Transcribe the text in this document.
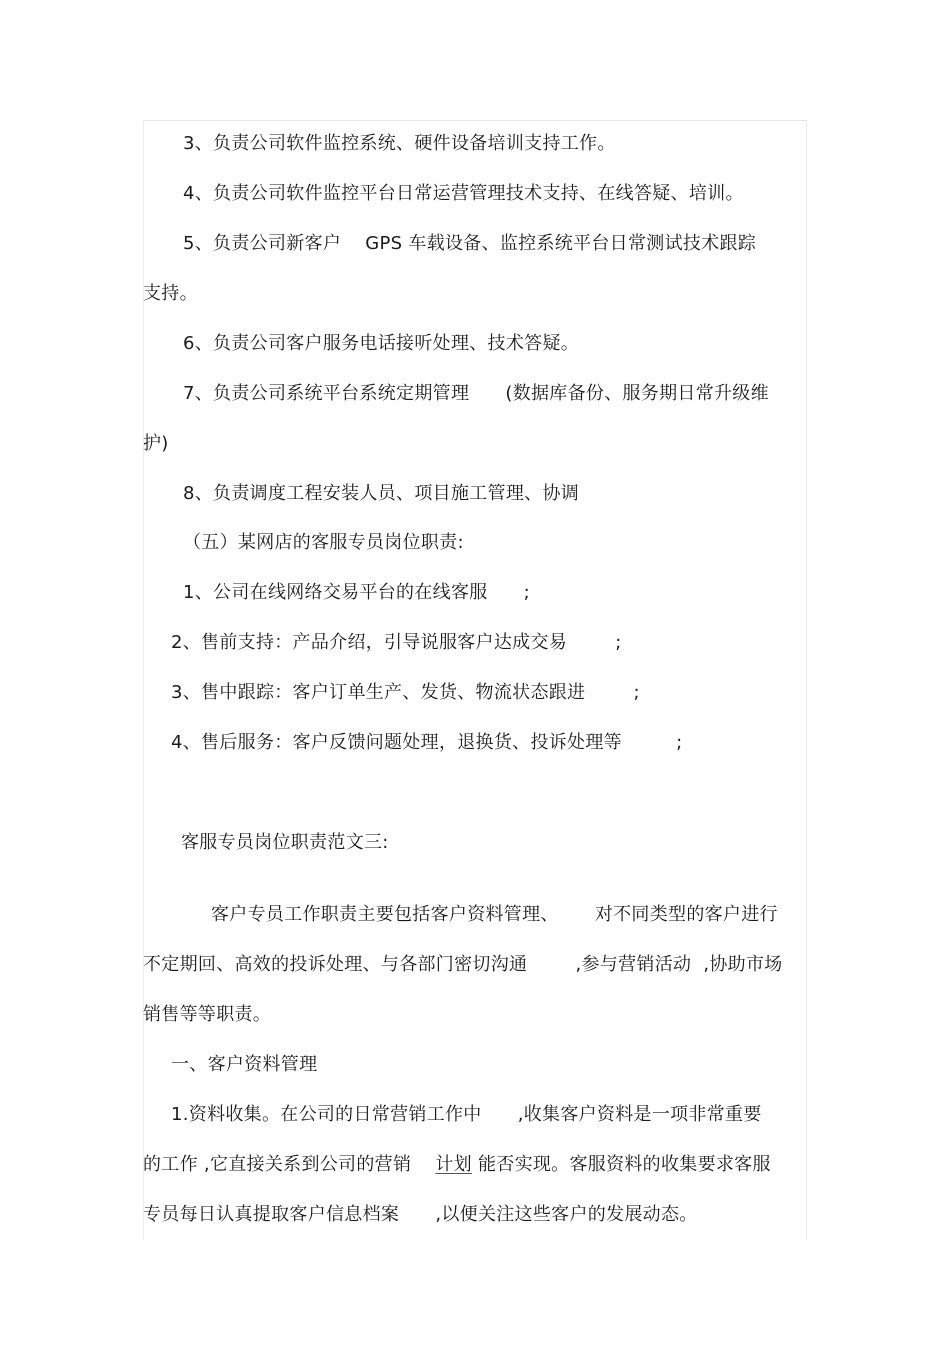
3、负责公司软件监控系统、硬件设备培训支持工作。
4、负责公司软件监控平台日常运营管理技术支持、在线答疑、培训。
5、负责公司新客户    GPS 车载设备、监控系统平台日常测试技术跟踪
支持。
6、负责公司客户服务电话接听处理、技术答疑。
7、负责公司系统平台系统定期管理      (数据库备份、服务期日常升级维
护)
8、负责调度工程安装人员、项目施工管理、协调
（五）某网店的客服专员岗位职责:
1、公司在线网络交易平台的在线客服      ;
2、售前支持：产品介绍，引导说服客户达成交易        ;
3、售中跟踪：客户订单生产、发货、物流状态跟进        ;
4、售后服务：客户反馈问题处理，退换货、投诉处理等         ;
客服专员岗位职责范文三:
客户专员工作职责主要包括客户资料管理、      对不同类型的客户进行
不定期回、高效的投诉处理、与各部门密切沟通        ,参与营销活动  ,协助市场
销售等等职责。
一、客户资料管理
1.资料收集。在公司的日常营销工作中      ,收集客户资料是一项非常重要
的工作 ,它直接关系到公司的营销    计划 能否实现。客服资料的收集要求客服
专员每日认真提取客户信息档案      ,以便关注这些客户的发展动态。
